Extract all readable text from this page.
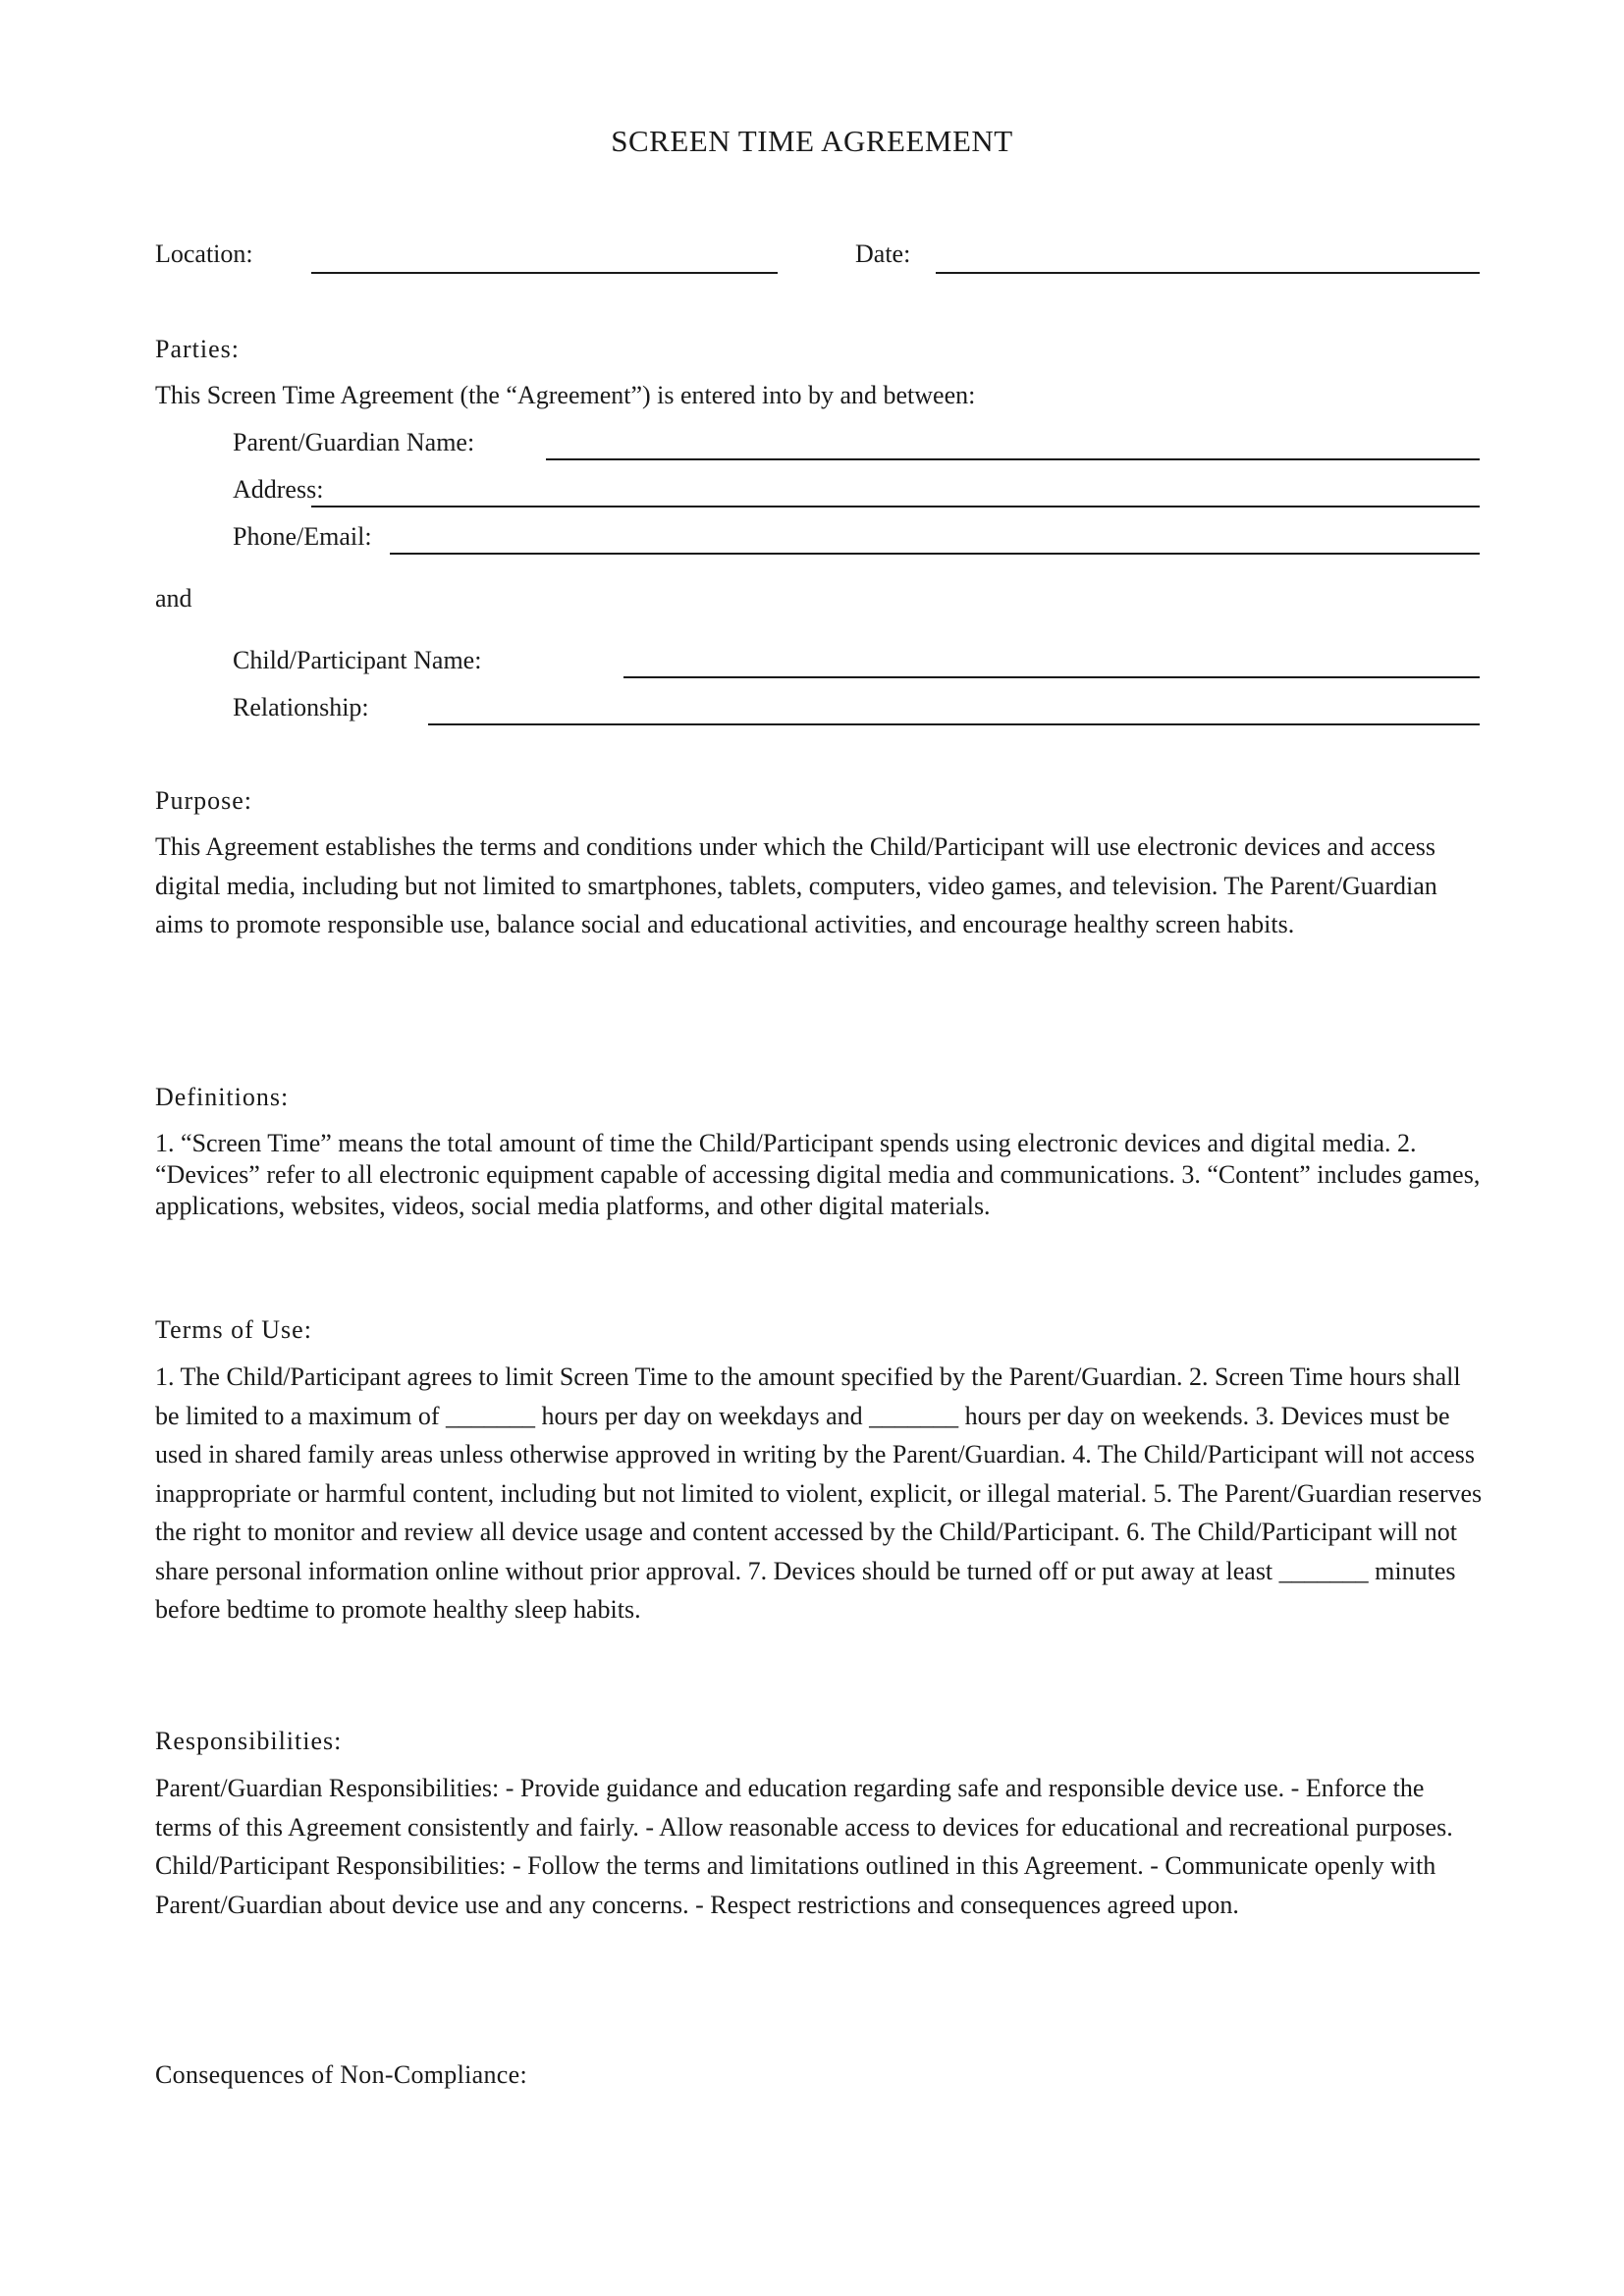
SCREEN TIME AGREEMENT
Location:	Date:
Parties:
This Screen Time Agreement (the “Agreement”) is entered into by and between:
Parent/Guardian Name:
Address:
Phone/Email:
and
Child/Participant Name:
Relationship:
Purpose:
This Agreement establishes the terms and conditions under which the Child/Participant will use electronic devices and access digital media, including but not limited to smartphones, tablets, computers, video games, and television. The Parent/Guardian aims to promote responsible use, balance social and educational activities, and encourage healthy screen habits.
Definitions:
1. “Screen Time” means the total amount of time the Child/Participant spends using electronic devices and digital media. 2. “Devices” refer to all electronic equipment capable of accessing digital media and communications. 3. “Content” includes games, applications, websites, videos, social media platforms, and other digital materials.
Terms of Use:
1. The Child/Participant agrees to limit Screen Time to the amount specified by the Parent/Guardian. 2. Screen Time hours shall be limited to a maximum of _______ hours per day on weekdays and _______ hours per day on weekends. 3. Devices must be used in shared family areas unless otherwise approved in writing by the Parent/Guardian. 4. The Child/Participant will not access inappropriate or harmful content, including but not limited to violent, explicit, or illegal material. 5. The Parent/Guardian reserves the right to monitor and review all device usage and content accessed by the Child/Participant. 6. The Child/Participant will not share personal information online without prior approval. 7. Devices should be turned off or put away at least _______ minutes before bedtime to promote healthy sleep habits.
Responsibilities:
Parent/Guardian Responsibilities: - Provide guidance and education regarding safe and responsible device use. - Enforce the terms of this Agreement consistently and fairly. - Allow reasonable access to devices for educational and recreational purposes. Child/Participant Responsibilities: - Follow the terms and limitations outlined in this Agreement. - Communicate openly with Parent/Guardian about device use and any concerns. - Respect restrictions and consequences agreed upon.
Consequences of Non-Compliance:
